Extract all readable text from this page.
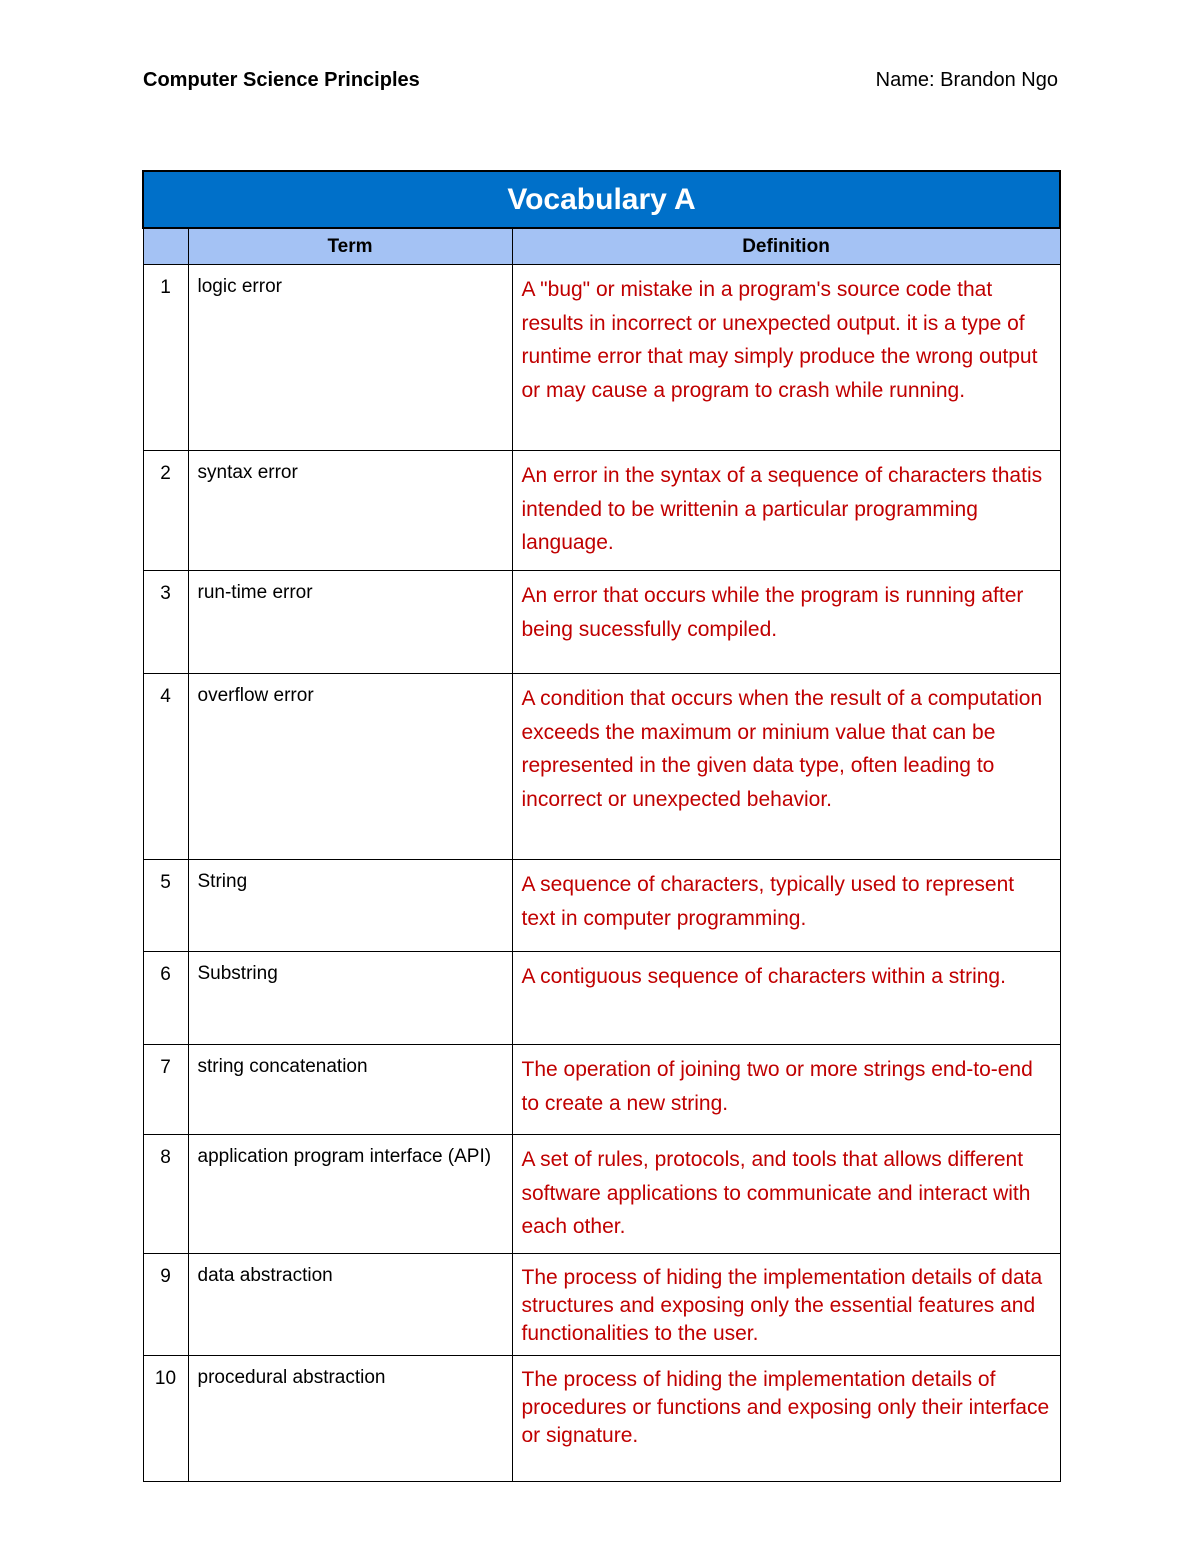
Computer Science Principles	Name: Brandon Ngo
Vocabulary A		
	Term	Definition
1	logic error	A "bug" or mistake in a program's source code that results in incorrect or unexpected output. it is a type of runtime error that may simply produce the wrong output or may cause a program to crash while running.
2	syntax error	An error in the syntax of a sequence of characters thatis intended to be writtenin a particular programming language.
3	run-time error	An error that occurs while the program is running after being sucessfully compiled.
4	overflow error	A condition that occurs when the result of a computation exceeds the maximum or minium value that can be represented in the given data type, often leading to incorrect or unexpected behavior.
5	String	A sequence of characters, typically used to represent text in computer programming.
6	Substring	A contiguous sequence of characters within a string.
7	string concatenation	The operation of joining two or more strings end-to-end to create a new string.
8	application program interface (API)	A set of rules, protocols, and tools that allows different software applications to communicate and interact with each other.
9	data abstraction	The process of hiding the implementation details of data structures and exposing only the essential features and functionalities to the user.
10	procedural abstraction	The process of hiding the implementation details of procedures or functions and exposing only their interface or signature.
